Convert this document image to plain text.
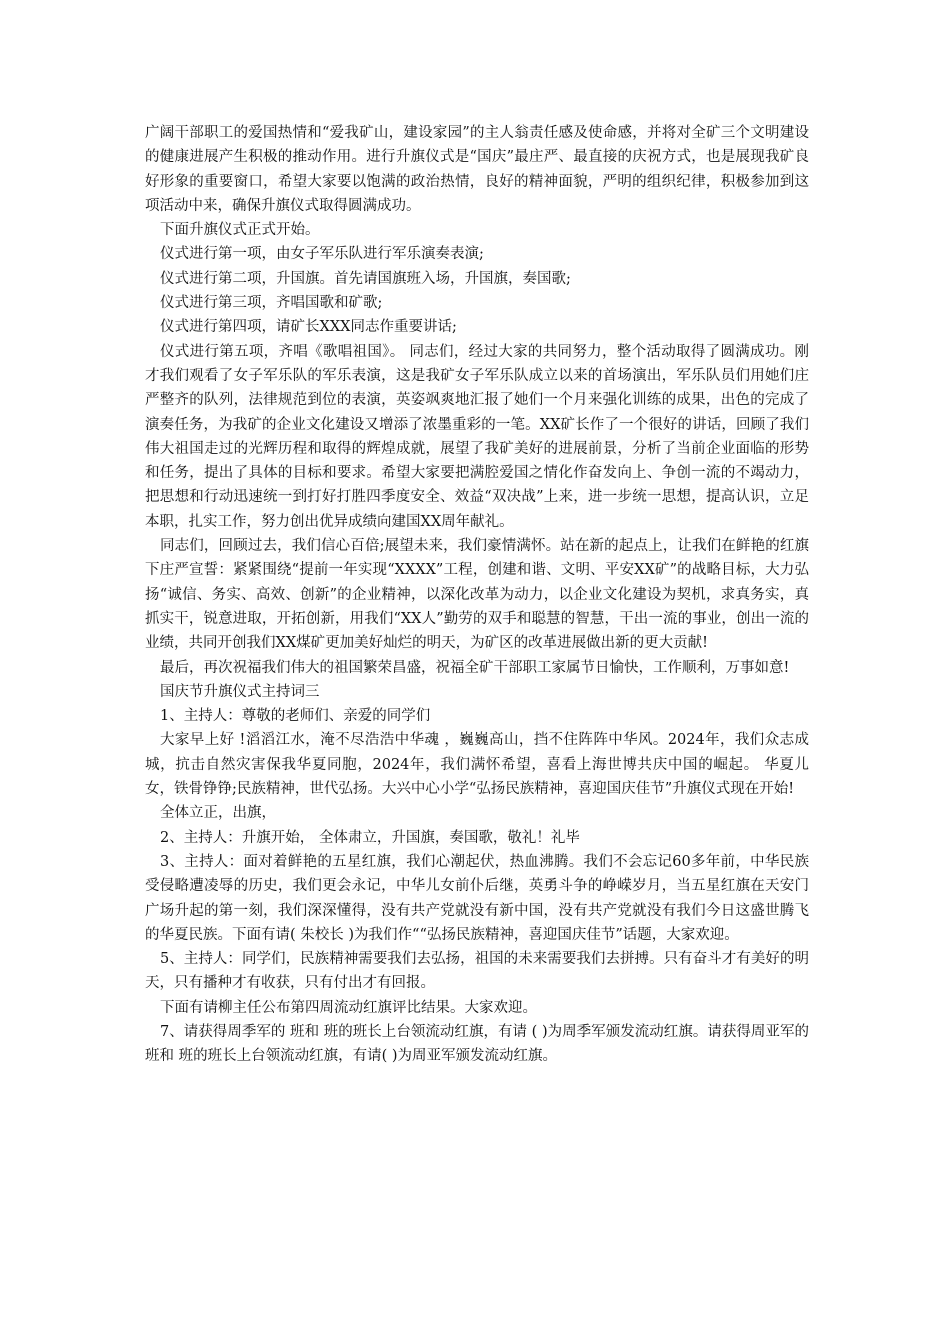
广阔干部职工的爱国热情和“爱我矿山，建设家园”的主人翁责任感及使命感，并将对全矿三个文明建设的健康进展产生积极的推动作用。进行升旗仪式是“国庆”最庄严、最直接的庆祝方式，也是展现我矿良好形象的重要窗口，希望大家要以饱满的政治热情，良好的精神面貌，严明的组织纪律，积极参加到这项活动中来，确保升旗仪式取得圆满成功。

下面升旗仪式正式开始。

仪式进行第一项，由女子军乐队进行军乐演奏表演;

仪式进行第二项，升国旗。首先请国旗班入场，升国旗，奏国歌;

仪式进行第三项，齐唱国歌和矿歌;

仪式进行第四项，请矿长XXX同志作重要讲话;

仪式进行第五项，齐唱《歌唱祖国》。 同志们，经过大家的共同努力，整个活动取得了圆满成功。刚才我们观看了女子军乐队的军乐表演，这是我矿女子军乐队成立以来的首场演出，军乐队员们用她们庄严整齐的队列，法律规范到位的表演，英姿飒爽地汇报了她们一个月来强化训练的成果，出色的完成了演奏任务，为我矿的企业文化建设又增添了浓墨重彩的一笔。XX矿长作了一个很好的讲话，回顾了我们伟大祖国走过的光辉历程和取得的辉煌成就，展望了我矿美好的进展前景，分析了当前企业面临的形势和任务，提出了具体的目标和要求。希望大家要把满腔爱国之情化作奋发向上、争创一流的不竭动力，把思想和行动迅速统一到打好打胜四季度安全、效益“双决战”上来，进一步统一思想，提高认识，立足本职，扎实工作，努力创出优异成绩向建国XX周年献礼。

同志们，回顾过去，我们信心百倍;展望未来，我们豪情满怀。站在新的起点上，让我们在鲜艳的红旗下庄严宣誓：紧紧围绕“提前一年实现“XXXX”工程，创建和谐、文明、平安XX矿”的战略目标，大力弘扬“诚信、务实、高效、创新”的企业精神，以深化改革为动力，以企业文化建设为契机，求真务实，真抓实干，锐意进取，开拓创新，用我们“XX人”勤劳的双手和聪慧的智慧，干出一流的事业，创出一流的业绩，共同开创我们XX煤矿更加美好灿烂的明天，为矿区的改革进展做出新的更大贡献!

最后，再次祝福我们伟大的祖国繁荣昌盛，祝福全矿干部职工家属节日愉快，工作顺利，万事如意!

国庆节升旗仪式主持词三

1、主持人：尊敬的老师们、亲爱的同学们

大家早上好 !滔滔江水，淹不尽浩浩中华魂 ，巍巍高山，挡不住阵阵中华风。2024年，我们众志成城，抗击自然灾害保我华夏同胞，2024年，我们满怀希望，喜看上海世博共庆中国的崛起。 华夏儿女，铁骨铮铮;民族精神，世代弘扬。大兴中心小学“弘扬民族精神，喜迎国庆佳节”升旗仪式现在开始!

全体立正，出旗，

2、主持人：升旗开始， 全体肃立，升国旗，奏国歌，敬礼！礼毕

3、主持人：面对着鲜艳的五星红旗，我们心潮起伏，热血沸腾。我们不会忘记60多年前，中华民族受侵略遭凌辱的历史，我们更会永记，中华儿女前仆后继，英勇斗争的峥嵘岁月，当五星红旗在天安门广场升起的第一刻，我们深深懂得，没有共产党就没有新中国，没有共产党就没有我们今日这盛世腾飞的华夏民族。下面有请( 朱校长 )为我们作““弘扬民族精神，喜迎国庆佳节”话题，大家欢迎。

5、主持人：同学们，民族精神需要我们去弘扬，祖国的未来需要我们去拼搏。只有奋斗才有美好的明天，只有播种才有收获，只有付出才有回报。

下面有请柳主任公布第四周流动红旗评比结果。大家欢迎。

7、请获得周季军的 班和 班的班长上台领流动红旗，有请 ( )为周季军颁发流动红旗。请获得周亚军的 班和 班的班长上台领流动红旗，有请( )为周亚军颁发流动红旗。
